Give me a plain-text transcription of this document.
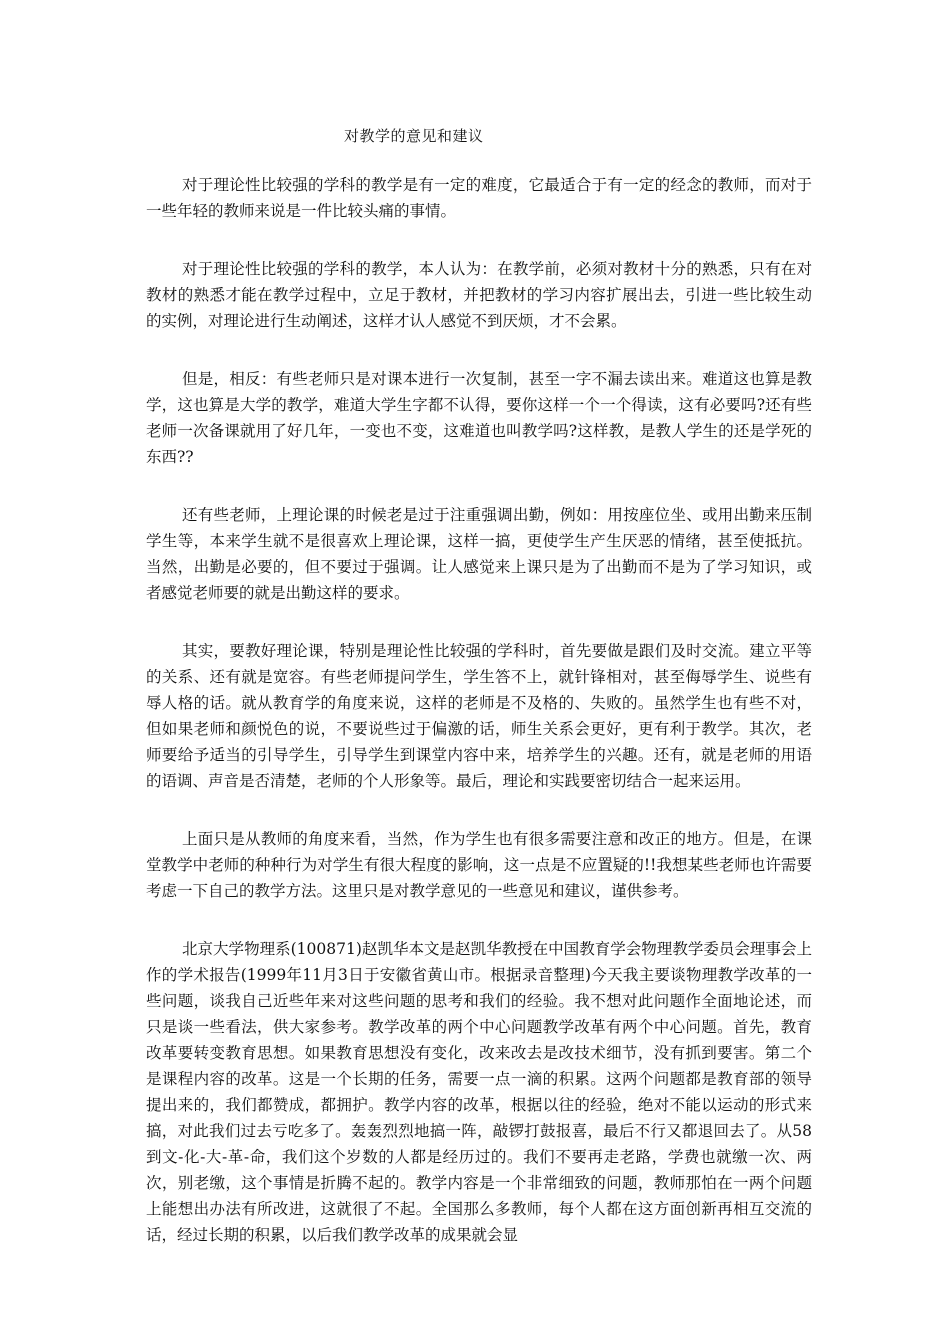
对教学的意见和建议

对于理论性比较强的学科的教学是有一定的难度，它最适合于有一定的经念的教师，而对于一些年轻的教师来说是一件比较头痛的事情。

对于理论性比较强的学科的教学，本人认为：在教学前，必须对教材十分的熟悉，只有在对教材的熟悉才能在教学过程中，立足于教材，并把教材的学习内容扩展出去，引进一些比较生动的实例，对理论进行生动阐述，这样才认人感觉不到厌烦，才不会累。

但是，相反：有些老师只是对课本进行一次复制，甚至一字不漏去读出来。难道这也算是教学，这也算是大学的教学，难道大学生字都不认得，要你这样一个一个得读，这有必要吗?还有些老师一次备课就用了好几年，一变也不变，这难道也叫教学吗?这样教，是教人学生的还是学死的东西??

还有些老师，上理论课的时候老是过于注重强调出勤，例如：用按座位坐、或用出勤来压制学生等，本来学生就不是很喜欢上理论课，这样一搞，更使学生产生厌恶的情绪，甚至使抵抗。当然，出勤是必要的，但不要过于强调。让人感觉来上课只是为了出勤而不是为了学习知识，或者感觉老师要的就是出勤这样的要求。

其实，要教好理论课，特别是理论性比较强的学科时，首先要做是跟们及时交流。建立平等的关系、还有就是宽容。有些老师提问学生，学生答不上，就针锋相对，甚至侮辱学生、说些有辱人格的话。就从教育学的角度来说，这样的老师是不及格的、失败的。虽然学生也有些不对，但如果老师和颜悦色的说，不要说些过于偏激的话，师生关系会更好，更有利于教学。其次，老师要给予适当的引导学生，引导学生到课堂内容中来，培养学生的兴趣。还有，就是老师的用语的语调、声音是否清楚，老师的个人形象等。最后，理论和实践要密切结合一起来运用。

上面只是从教师的角度来看，当然，作为学生也有很多需要注意和改正的地方。但是，在课堂教学中老师的种种行为对学生有很大程度的影响，这一点是不应置疑的!!我想某些老师也许需要考虑一下自己的教学方法。这里只是对教学意见的一些意见和建议，谨供参考。

北京大学物理系(100871)赵凯华本文是赵凯华教授在中国教育学会物理教学委员会理事会上作的学术报告(1999年11月3日于安徽省黄山市。根据录音整理)今天我主要谈物理教学改革的一些问题，谈我自己近些年来对这些问题的思考和我们的经验。我不想对此问题作全面地论述，而只是谈一些看法，供大家参考。教学改革的两个中心问题教学改革有两个中心问题。首先，教育改革要转变教育思想。如果教育思想没有变化，改来改去是改技术细节，没有抓到要害。第二个是课程内容的改革。这是一个长期的任务，需要一点一滴的积累。这两个问题都是教育部的领导提出来的，我们都赞成，都拥护。教学内容的改革，根据以往的经验，绝对不能以运动的形式来搞，对此我们过去亏吃多了。轰轰烈烈地搞一阵，敲锣打鼓报喜，最后不行又都退回去了。从58到文-化-大-革-命，我们这个岁数的人都是经历过的。我们不要再走老路，学费也就缴一次、两次，别老缴，这个事情是折腾不起的。教学内容是一个非常细致的问题，教师那怕在一两个问题上能想出办法有所改进，这就很了不起。全国那么多教师，每个人都在这方面创新再相互交流的话，经过长期的积累，以后我们教学改革的成果就会显
